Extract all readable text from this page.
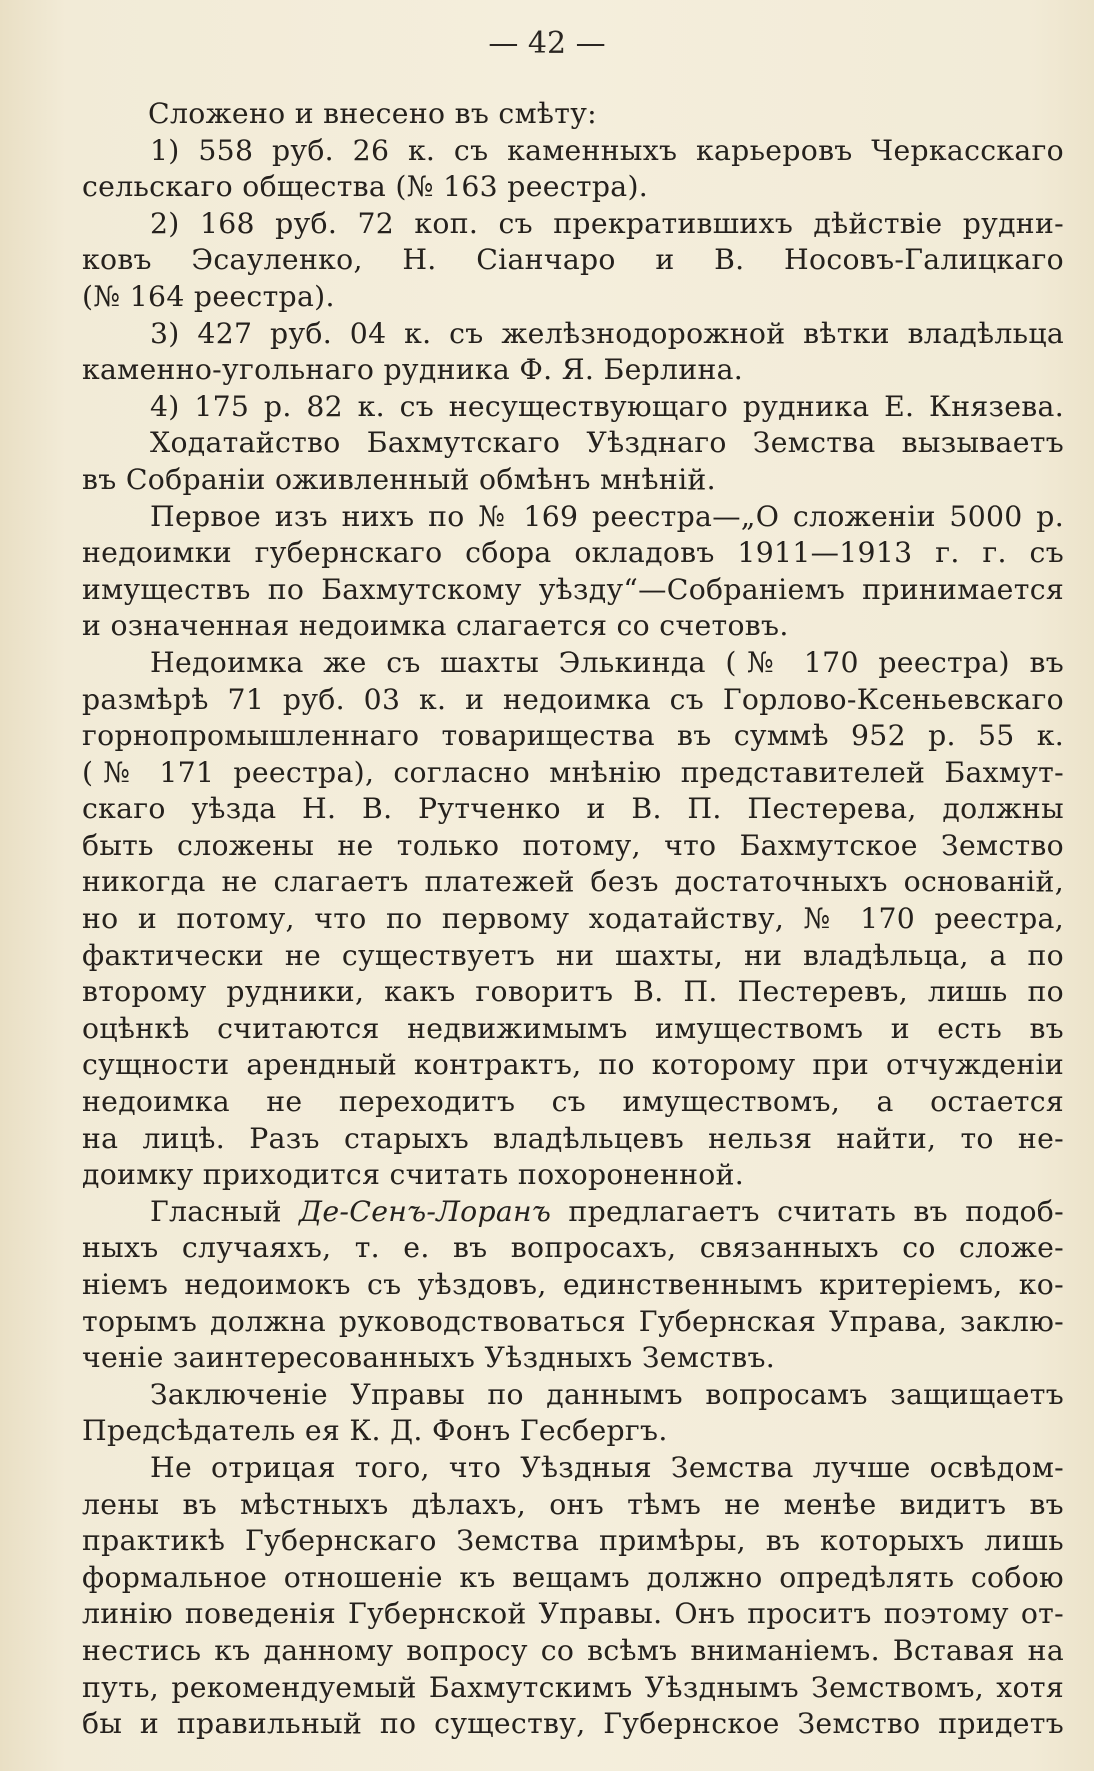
— 42 —
Сложено и внесено въ смѣту:
1) 558 руб. 26 к. съ каменныхъ карьеровъ Черкасскаго
сельскаго общества (№ 163 реестра).
2) 168 руб. 72 коп. съ прекратившихъ дѣйствіе рудни-
ковъ Эсауленко, Н. Сіанчаро и В. Носовъ-Галицкаго
(№ 164 реестра).
3) 427 руб. 04 к. съ желѣзнодорожной вѣтки владѣльца
каменно-угольнаго рудника Ф. Я. Берлина.
4) 175 р. 82 к. съ несуществующаго рудника Е. Князева.
Ходатайство Бахмутскаго Уѣзднаго Земства вызываетъ
въ Собраніи оживленный обмѣнъ мнѣній.
Первое изъ нихъ по № 169 реестра—„О сложеніи 5000 р.
недоимки губернскаго сбора окладовъ 1911—1913 г. г. съ
имуществъ по Бахмутскому уѣзду“—Собраніемъ принимается
и означенная недоимка слагается со счетовъ.
Недоимка же съ шахты Элькинда (№ 170 реестра) въ
размѣрѣ 71 руб. 03 к. и недоимка съ Горлово-Ксеньевскаго
горнопромышленнаго товарищества въ суммѣ 952 р. 55 к.
(№ 171 реестра), согласно мнѣнію представителей Бахмут-
скаго уѣзда Н. В. Рутченко и В. П. Пестерева, должны
быть сложены не только потому, что Бахмутское Земство
никогда не слагаетъ платежей безъ достаточныхъ основаній,
но и потому, что по первому ходатайству, № 170 реестра,
фактически не существуетъ ни шахты, ни владѣльца, а по
второму рудники, какъ говоритъ В. П. Пестеревъ, лишь по
оцѣнкѣ считаются недвижимымъ имуществомъ и есть въ
сущности арендный контрактъ, по которому при отчужденіи
недоимка не переходитъ съ имуществомъ, а остается
на лицѣ. Разъ старыхъ владѣльцевъ нельзя найти, то не-
доимку приходится считать похороненной.
Гласный Де-Сенъ-Лоранъ предлагаетъ считать въ подоб-
ныхъ случаяхъ, т. е. въ вопросахъ, связанныхъ со сложе-
ніемъ недоимокъ съ уѣздовъ, единственнымъ критеріемъ, ко-
торымъ должна руководствоваться Губернская Управа, заклю-
ченіе заинтересованныхъ Уѣздныхъ Земствъ.
Заключеніе Управы по даннымъ вопросамъ защищаетъ
Предсѣдатель ея К. Д. Фонъ Гесбергъ.
Не отрицая того, что Уѣздныя Земства лучше освѣдом-
лены въ мѣстныхъ дѣлахъ, онъ тѣмъ не менѣе видитъ въ
практикѣ Губернскаго Земства примѣры, въ которыхъ лишь
формальное отношеніе къ вещамъ должно опредѣлять собою
линію поведенія Губернской Управы. Онъ проситъ поэтому от-
нестись къ данному вопросу со всѣмъ вниманіемъ. Вставая на
путь, рекомендуемый Бахмутскимъ Уѣзднымъ Земствомъ, хотя
бы и правильный по существу, Губернское Земство придетъ
